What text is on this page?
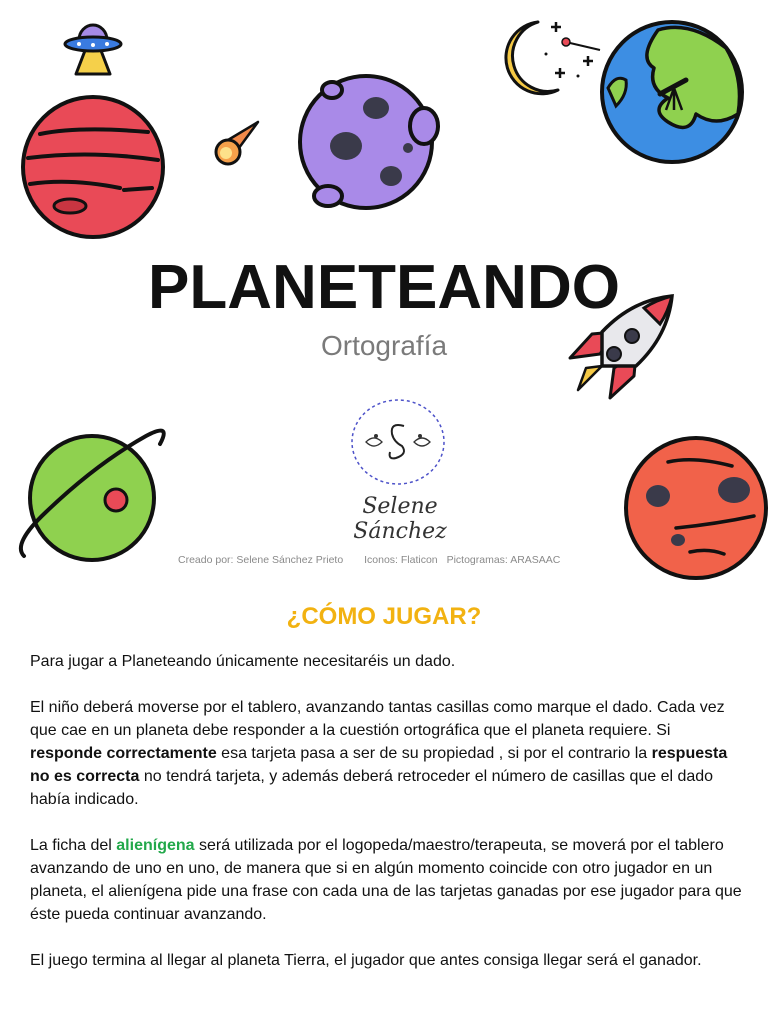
PLANETEANDO
Ortografía
Selene Sánchez
Creado por: Selene Sánchez Prieto Iconos: Flaticon Pictogramas: ARASAAC
¿CÓMO JUGAR?

Para jugar a Planeteando únicamente necesitaréis un dado.

El niño deberá moverse por el tablero, avanzando tantas casillas como marque el dado. Cada vez que cae en un planeta debe responder a la cuestión ortográfica que el planeta requiere. Si responde correctamente esa tarjeta pasa a ser de su propiedad , si por el contrario la respuesta no es correcta no tendrá tarjeta, y además deberá retroceder el número de casillas que el dado había indicado.

La ficha del alienígena será utilizada por el logopeda/maestro/terapeuta, se moverá por el tablero avanzando de uno en uno, de manera que si en algún momento coincide con otro jugador en un planeta, el alienígena pide una frase con cada una de las tarjetas ganadas por ese jugador para que éste pueda continuar avanzando.

El juego termina al llegar al planeta Tierra, el jugador que antes consiga llegar será el ganador.
